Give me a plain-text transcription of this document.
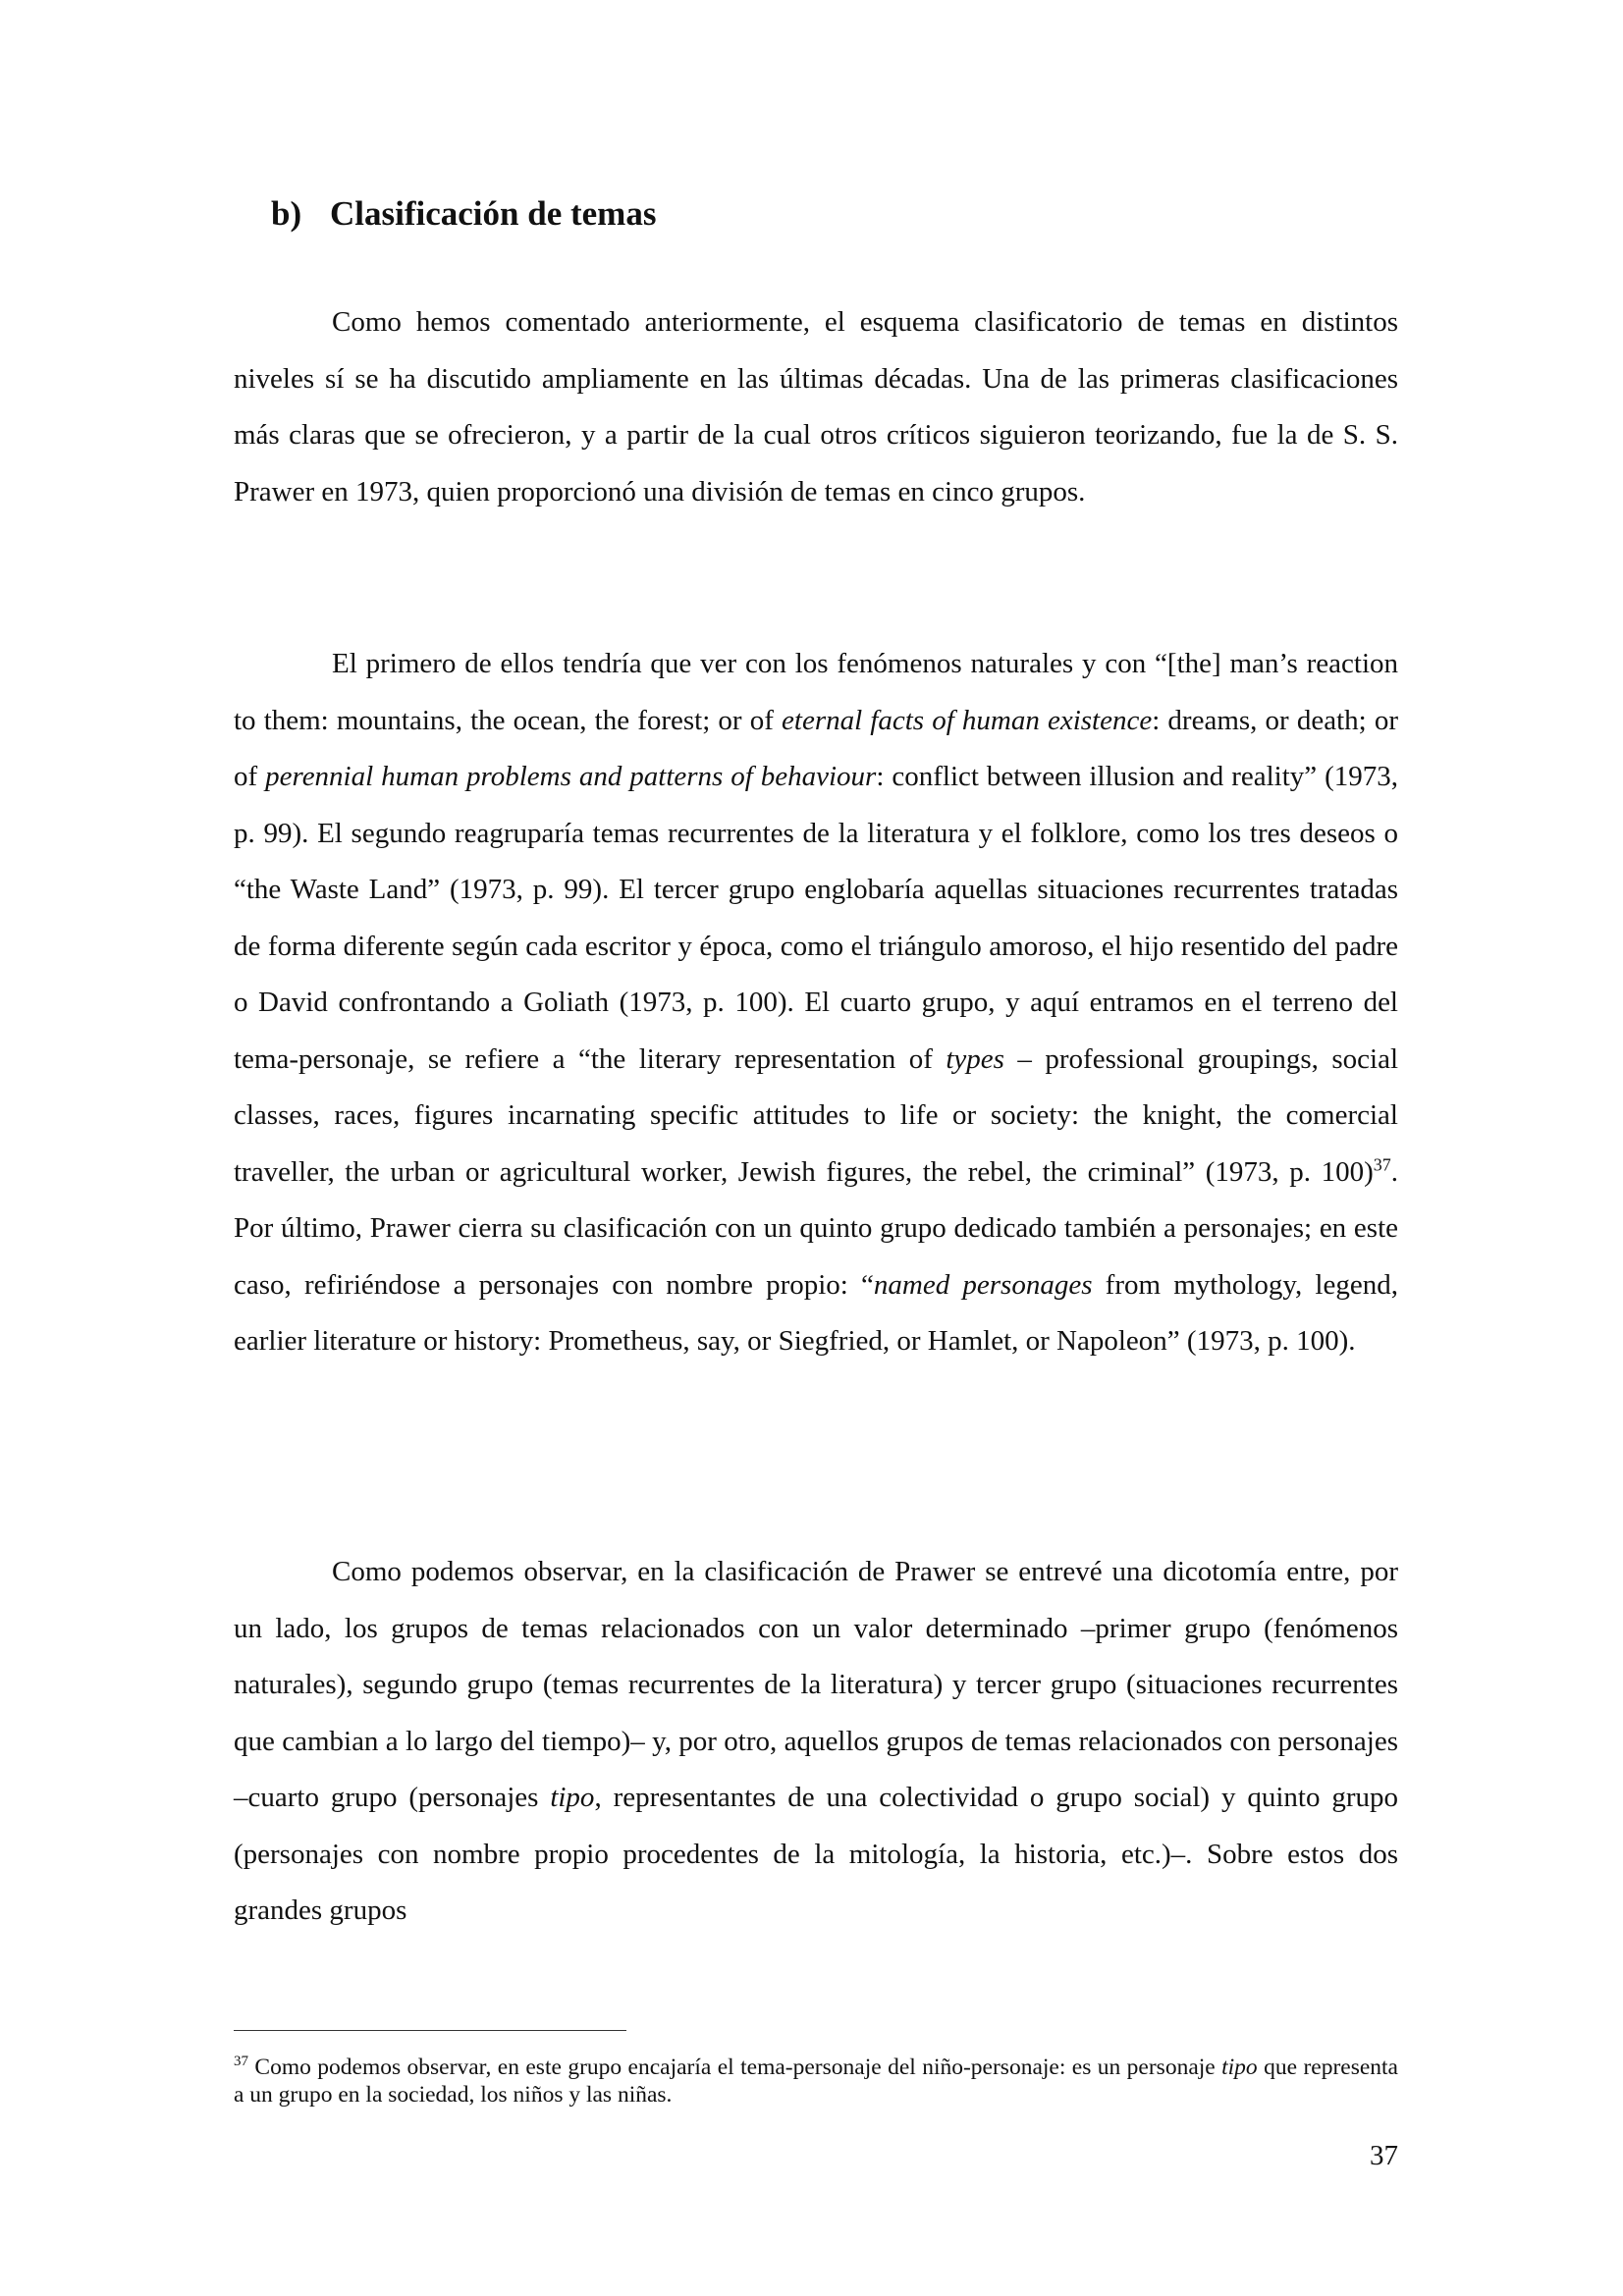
b) Clasificación de temas

Como hemos comentado anteriormente, el esquema clasificatorio de temas en distintos niveles sí se ha discutido ampliamente en las últimas décadas. Una de las primeras clasificaciones más claras que se ofrecieron, y a partir de la cual otros críticos siguieron teorizando, fue la de S. S. Prawer en 1973, quien proporcionó una división de temas en cinco grupos.

El primero de ellos tendría que ver con los fenómenos naturales y con “[the] man’s reaction to them: mountains, the ocean, the forest; or of eternal facts of human existence: dreams, or death; or of perennial human problems and patterns of behaviour: conflict between illusion and reality” (1973, p. 99). El segundo reagruparía temas recurrentes de la literatura y el folklore, como los tres deseos o “the Waste Land” (1973, p. 99). El tercer grupo englobaría aquellas situaciones recurrentes tratadas de forma diferente según cada escritor y época, como el triángulo amoroso, el hijo resentido del padre o David confrontando a Goliath (1973, p. 100). El cuarto grupo, y aquí entramos en el terreno del tema-personaje, se refiere a “the literary representation of types – professional groupings, social classes, races, figures incarnating specific attitudes to life or society: the knight, the comercial traveller, the urban or agricultural worker, Jewish figures, the rebel, the criminal” (1973, p. 100)$^{37}$. Por último, Prawer cierra su clasificación con un quinto grupo dedicado también a personajes; en este caso, refiriéndose a personajes con nombre propio: “named personages from mythology, legend, earlier literature or history: Prometheus, say, or Siegfried, or Hamlet, or Napoleon” (1973, p. 100).

Como podemos observar, en la clasificación de Prawer se entrevé una dicotomía entre, por un lado, los grupos de temas relacionados con un valor determinado ‒primer grupo (fenómenos naturales), segundo grupo (temas recurrentes de la literatura) y tercer grupo (situaciones recurrentes que cambian a lo largo del tiempo)‒ y, por otro, aquellos grupos de temas relacionados con personajes ‒cuarto grupo (personajes tipo, representantes de una colectividad o grupo social) y quinto grupo (personajes con nombre propio procedentes de la mitología, la historia, etc.)‒. Sobre estos dos grandes grupos

$^{37}$ Como podemos observar, en este grupo encajaría el tema-personaje del niño-personaje: es un personaje tipo que representa a un grupo en la sociedad, los niños y las niñas.

37
